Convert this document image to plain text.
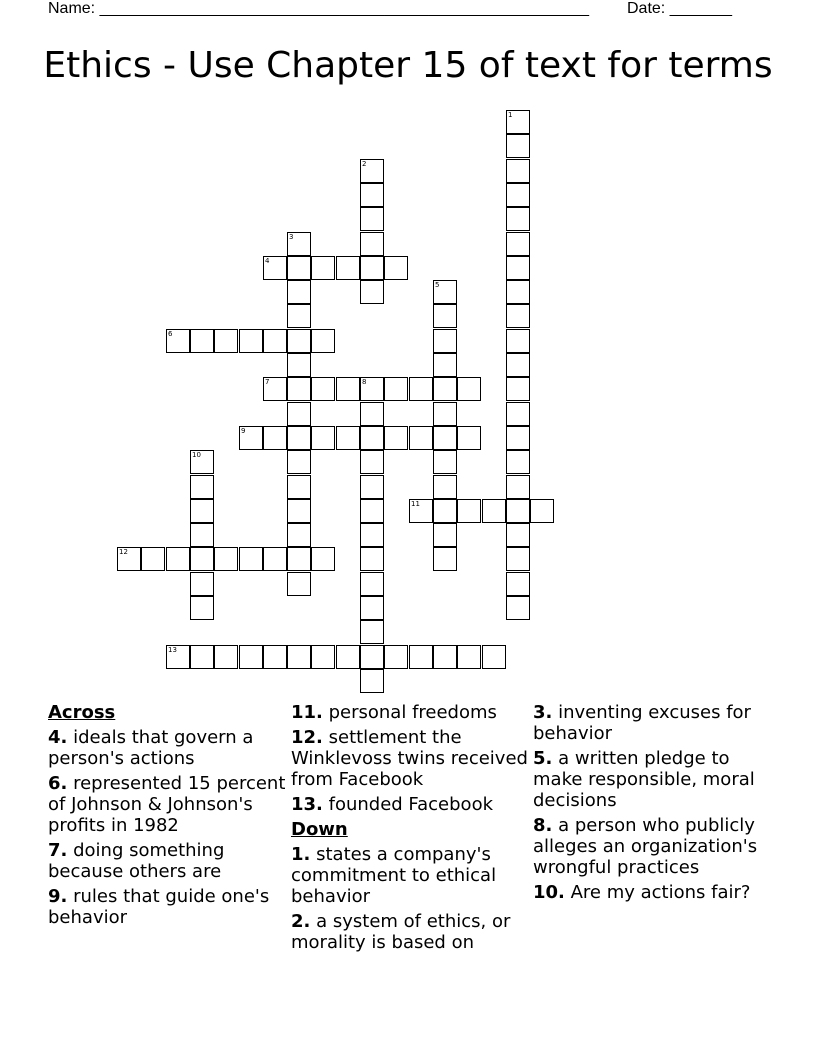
Name: _______________________________________________________ Date: _______
Ethics - Use Chapter 15 of text for terms
1
2
3
4
5
6
7	8
9
10
11
12
13
Across
4. ideals that govern a person's actions
6. represented 15 percent of Johnson & Johnson's profits in 1982
7. doing something because others are
9. rules that guide one's behavior
11. personal freedoms
12. settlement the Winklevoss twins received from Facebook
13. founded Facebook
Down
1. states a company's commitment to ethical behavior
2. a system of ethics, or morality is based on
3. inventing excuses for behavior
5. a written pledge to make responsible, moral decisions
8. a person who publicly alleges an organization's wrongful practices
10. Are my actions fair?
